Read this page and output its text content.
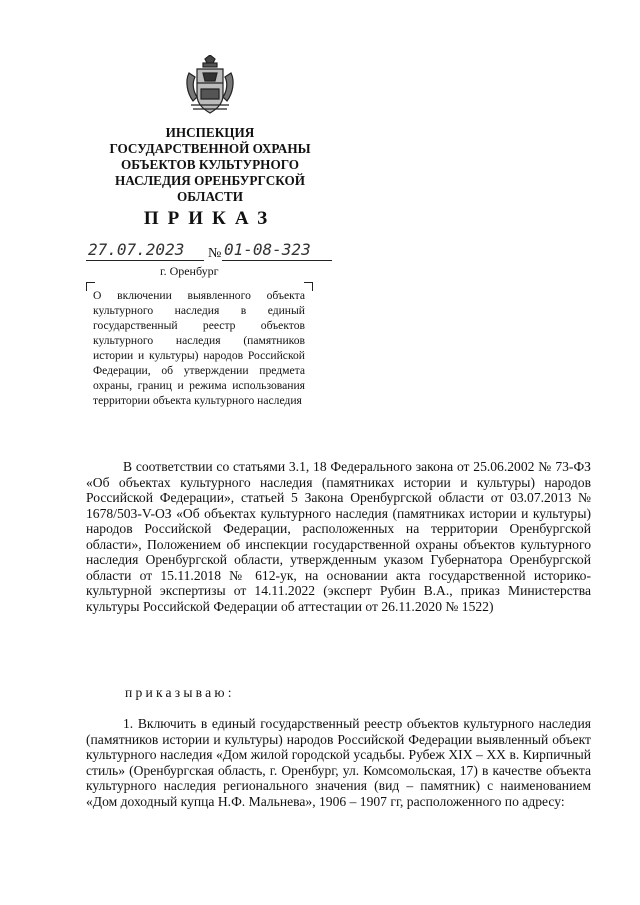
ИНСПЕКЦИЯ
ГОСУДАРСТВЕННОЙ ОХРАНЫ
ОБЪЕКТОВ КУЛЬТУРНОГО
НАСЛЕДИЯ ОРЕНБУРГСКОЙ
ОБЛАСТИ
ПРИКАЗ
27.07.2023 № 01-08-323
г. Оренбург
О включении выявленного объекта культурного наследия в единый государственный реестр объектов культурного наследия (памятников истории и культуры) народов Российской Федерации, об утверждении предмета охраны, границ и режима использования территории объекта культурного наследия

В соответствии со статьями 3.1, 18 Федерального закона от 25.06.2002 № 73-ФЗ «Об объектах культурного наследия (памятниках истории и культуры) народов Российской Федерации», статьей 5 Закона Оренбургской области от 03.07.2013 № 1678/503-V-ОЗ «Об объектах культурного наследия (памятниках истории и культуры) народов Российской Федерации, расположенных на территории Оренбургской области», Положением об инспекции государственной охраны объектов культурного наследия Оренбургской области, утвержденным указом Губернатора Оренбургской области от 15.11.2018 № 612-ук, на основании акта государственной историко-культурной экспертизы от 14.11.2022 (эксперт Рубин В.А., приказ Министерства культуры Российской Федерации об аттестации от 26.11.2020 № 1522)

приказываю:

1. Включить в единый государственный реестр объектов культурного наследия (памятников истории и культуры) народов Российской Федерации выявленный объект культурного наследия «Дом жилой городской усадьбы. Рубеж XIX – XX в. Кирпичный стиль» (Оренбургская область, г. Оренбург, ул. Комсомольская, 17) в качестве объекта культурного наследия регионального значения (вид – памятник) с наименованием «Дом доходный купца Н.Ф. Мальнева», 1906 – 1907 гг, расположенного по адресу:
